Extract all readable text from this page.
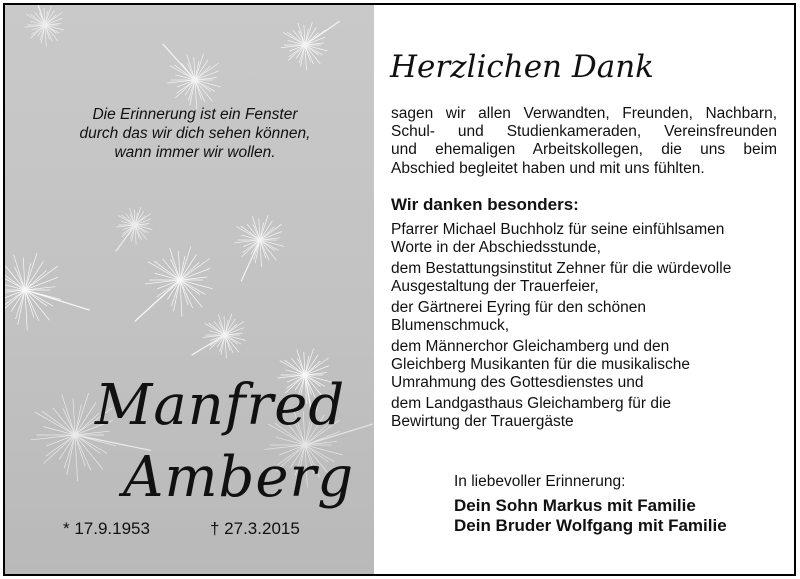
Die Erinnerung ist ein Fenster
durch das wir dich sehen können,
wann immer wir wollen.
Manfred
Amberg
* 17.9.1953	† 27.3.2015
Herzlichen Dank
sagen wir allen Verwandten, Freunden, Nachbarn,
Schul- und Studienkameraden, Vereinsfreunden
und ehemaligen Arbeitskollegen, die uns beim
Abschied begleitet haben und mit uns fühlten.
Wir danken besonders:
Pfarrer Michael Buchholz für seine einfühlsamen
Worte in der Abschiedsstunde,
dem Bestattungsinstitut Zehner für die würdevolle
Ausgestaltung der Trauerfeier,
der Gärtnerei Eyring für den schönen
Blumenschmuck,
dem Männerchor Gleichamberg und den
Gleichberg Musikanten für die musikalische
Umrahmung des Gottesdienstes und
dem Landgasthaus Gleichamberg für die
Bewirtung der Trauergäste
In liebevoller Erinnerung:
Dein Sohn Markus mit Familie
Dein Bruder Wolfgang mit Familie
